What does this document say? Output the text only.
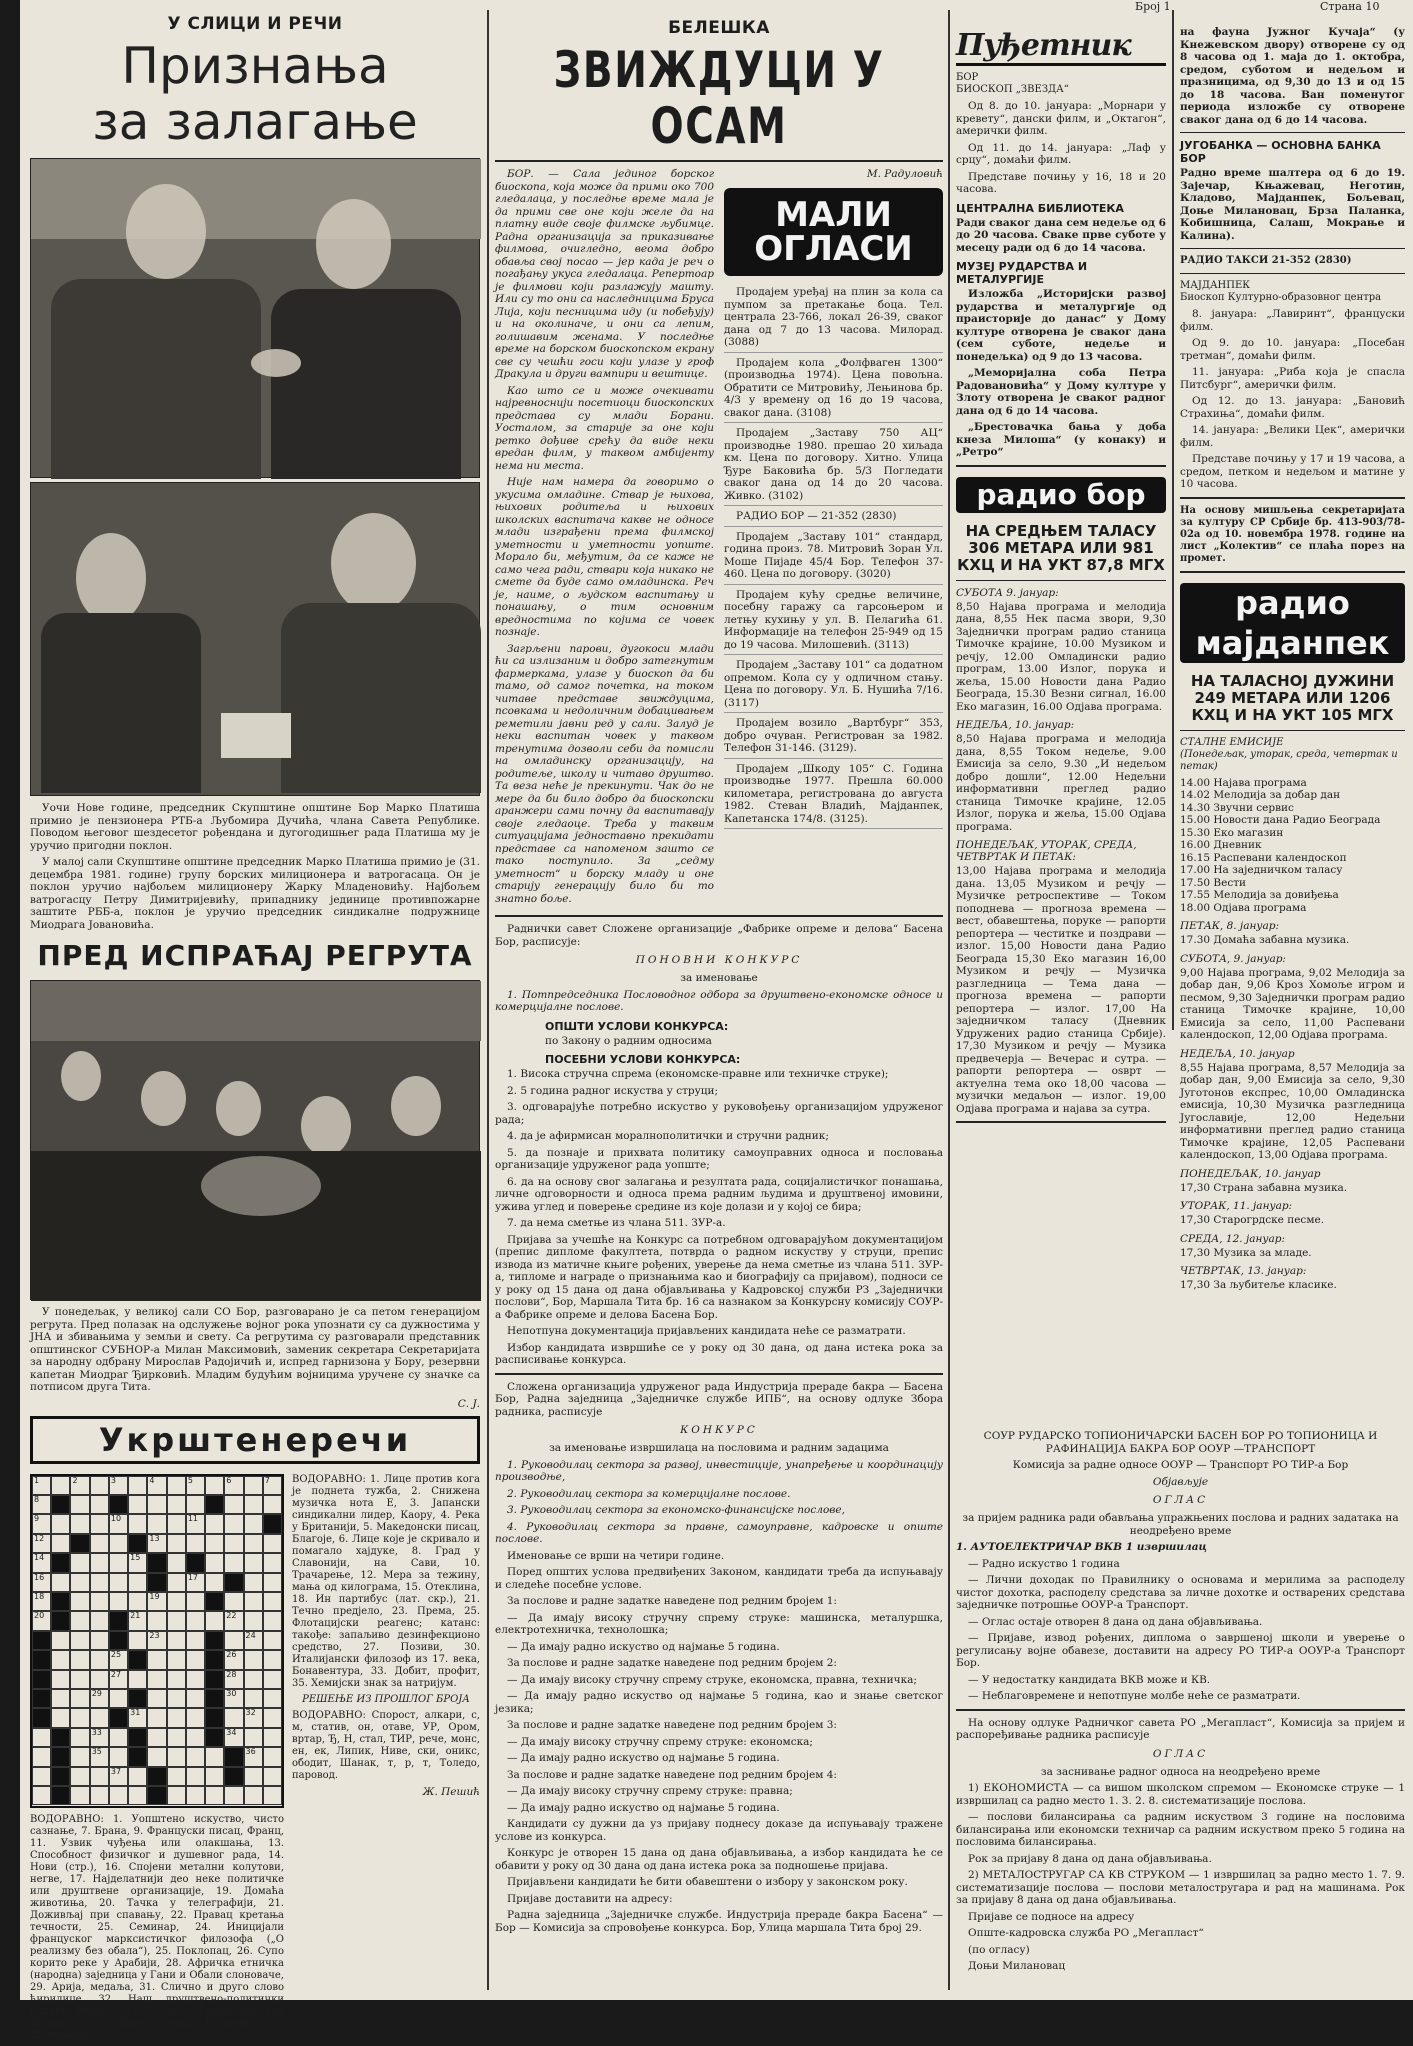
Број 1	Страна 10
У СЛИЦИ И РЕЧИ
Признања
за залагање

Уочи Нове године, председник Скупштине општине Бор Марко Платиша примио је пензионера РТБ-а Љубомира Дучића, члана Савета Републике. Поводом његовог шездесетог рођендана и дугогодишњег рада Платиша му је уручио пригодни поклон.

У малој сали Скупштине општине председник Марко Платиша примио је (31. децембра 1981. године) групу борских милиционера и ватрогасаца. Он је поклон уручио најбољем милиционеру Жарку Младеновићу. Најбољем ватрогасцу Петру Димитријевићу, припаднику јединице противпожарне заштите РББ-а, поклон је уручио председник синдикалне подружнице Миодрага Јовановића.

ПРЕД ИСПРАЋАЈ РЕГРУТА

У понедељак, у великој сали СО Бор, разговарано је са петом генерацијом регрута. Пред полазак на одслужење војног рока упознати су са дужностима у ЈНА и збивањима у земљи и свету. Са регрутима су разговарали представник општинског СУБНОР-а Милан Максимовић, заменик секретара Секретаријата за народну одбрану Мирослав Радојичић и, испред гарнизона у Бору, резервни капетан Миодраг Ђирковић. Младим будућим војницима уручене су значке са потписом друга Тита.

С. Ј.
Укрштенеречи
1	2	3	4	5	6	7
8
9	10	11
12	13
14	15
16	17
18	19
20	21	22
23	24
25	26
27	28
29	30
31	32
33	34
35	36
37

ВОДОРАВНО: 1. Уопштено искуство, чисто сазнање, 7. Брана, 9. Француски писац, Франц, 11. Узвик чуђења или олакшања, 13. Способност физичког и душевног рада, 14. Нови (стр.), 16. Спојени метални колутови, негве, 17. Најделатнији део неке политичке или друштвене организације, 19. Домаћа животиња, 20. Тачка у телеграфији, 21. Доживљај при спавању, 22. Правац кретања течности, 25. Семинар, 24. Иницијали француског марксистичког филозофа („О реализму без обала“), 25. Поклопац, 26. Супо корито реке у Арабији, 28. Афричка етничка (народна) заједница у Гани и Обали слоноваче, 29. Арија, медаља, 31. Слично и друго слово ћирилице, 32. Наш друштвено-политички радник, Никола, 34. Језеро у Француској, код Бордоа, 36. Име писца Поповића — Шапчанина.

ВОДОРАВНО: 1. Лице против кога је поднета тужба, 2. Снижена музичка нота Е, 3. Јапански синдикални лидер, Каору, 4. Река у Британији, 5. Македонски писац, Благоје, 6. Лице које је скривало и помагало хајдуке, 8. Град у Славонији, на Сави, 10. Трачарење, 12. Мера за тежину, мања од килограма, 15. Отеклина, 18. Ин партибус (лат. скр.), 21. Течно предјело, 23. Према, 25. Флотацијски реагенс; катанс: такође: запаљиво дезинфекционо средство, 27. Позиви, 30. Италијански филозоф из 17. века, Бонавентура, 33. Добит, профит, 35. Хемијски знак за натријум.

РЕШЕЊЕ ИЗ ПРОШЛОГ БРОЈА

ВОДОРАВНО: Спорост, алкари, с, м, статив, он, отаве, УР, Ором, вртар, Ђ, Н, стал, ТИР, рече, монс, ен, ек, Липик, Ниве, ски, оникс, ободит, Шанак, т, р, т, Толедо, паровод.

Ж. Пешић
БЕЛЕШКА
ЗВИЖДУЦИ У ОСАМ

БОР. — Сала јединог борског биоскопа, која може да прими око 700 гледалаца, у последње време мала је да прими све оне који желе да на платну виде своје филмске љубимце. Радна организација за приказивање филмова, очигледно, веома добро обавља свој посао — јер када је реч о погађању укуса гледалаца. Репертоар је филмови који разлажују машту. Или су то они са наследницима Бруса Лија, који песницима иду (и побеђују) и на околиначе, и они са лепим, голишавим женама. У последње време на борском биоскопском екрану све су чешћи госи који улазе у гроф Дракула и други вампири и вештице.

Као што се и може очекивати најревноснији посетиоци биоскопских представа су млади Борани. Уосталом, за старије за оне који ретко дођиве срећу да виде неки вредан филм, у таквом амбијенту нема ни места.

Није нам намера да говоримо о укусима омладине. Ствар је њихова, њихових родитеља и њихових школских васпитача какве не односе млади изграђени према филмској уметности и уметности уопште. Морало би, међутим, да се каже не само чега ради, ствари која никако не смете да буде само омладинска. Реч је, наиме, о људском васпитању и понашању, о тим основним вредностима по којима се човек познаје.

Загрљени парови, дугокоси млади ћи са излизаним и добро затегнутим фармеркама, улазе у биоскоп да би тамо, од самог почетка, на током читаве представе звиждуцима, псовкама и недоличним добацивањем реметили јавни ред у сали. Залуд је неки васпитан човек у таквом тренутима дозволи себи да помисли на омладинску организацију, на родитеље, школу и читаво друштво. Та веза неће је прекинути. Чак до не мере да би било добро да биоскопски аранжери сами почну да васпитавају своје гледаоце. Треба у таквим ситуацијама једноставно прекидати представе са напоменом зашто се тако поступило. За „седму уметност“ и борску младу и оне старију генерацију било би то знатно боље.

М. Радуловић
МАЛИ ОГЛАСИ

Продајем уређај на плин за кола са пумпом за претакање боца. Тел. централа 23-766, локал 26-39, сваког дана од 7 до 13 часова. Милорад. (3088)

Продајем кола „Фолфваген 1300“ (производња 1974). Цена повољна. Обратити се Митровићу, Лењинова бр. 4/3 у времену од 16 до 19 часова, сваког дана. (3108)

Продајем „Заставу 750 АЦ“ производње 1980. прешао 20 хиљада км. Цена по договору. Хитно. Улица Ђуре Баковића бр. 5/3 Погледати сваког дана од 14 до 20 часова. Живко. (3102)

РАДИО БОР — 21-352 (2830)

Продајем „Заставу 101“ стандард, година произ. 78. Митровић Зоран Ул. Моше Пијаде 45/4 Бор. Телефон 37-460. Цена по договору. (3020)

Продајем кућу средње величине, посебну гаражу са гарсоњером и летњу кухињу у ул. В. Пелагића 61. Информације на телефон 25-949 од 15 до 19 часова. Милошевић. (3113)

Продајем „Заставу 101“ са додатном опремом. Кола су у одличном стању. Цена по договору. Ул. Б. Нушића 7/16. (3117)

Продајем возило „Вартбург“ 353, добро очуван. Регистрован за 1982. Телефон 31-146. (3129).

Продајем „Шкоду 105“ С. Година производње 1977. Прешла 60.000 километара, регистрована до августа 1982. Стеван Владић, Мајданпек, Капетанска 174/8. (3125).

Раднички савет Сложене организације „Фабрике опреме и делова“ Басена Бор, расписује:

ПОНОВНИ КОНКУРС
за именовање

1. Потпредседника Пословодног одбора за друштвено-економске односе и комерцијалне послове.

ОПШТИ УСЛОВИ КОНКУРСА:
по Закону о радним односима
ПОСЕБНИ УСЛОВИ КОНКУРСА:

1. Висока стручна спрема (економске-правне или техничке струке);

2. 5 година радног искуства у струци;

3. одговарајуће потребно искуство у руковођењу организацијом удруженог рада;

4. да је афирмисан моралнополитички и стручни радник;

5. да познаје и прихвата политику самоуправних односа и пословања организације удруженог рада уопште;

6. да на основу свог залагања и резултата рада, социјалистичког понашања, личне одговорности и односа према радним људима и друштвеној имовини, ужива углед и поверење средине из које долази и у којој се бира;

7. да нема сметње из члана 511. ЗУР-а.

Пријава за учешће на Конкурс са потребном одговарајућом документацијом (препис дипломе факултета, потврда о радном искуству у струци, препис извода из матичне књиге рођених, уверење да нема сметње из члана 511. ЗУР-а, типломе и награде о признањима као и биографију са пријавом), подноси се у року од 15 дана од дана објављивања у Кадровској служби РЗ „Заједнички послови“, Бор, Маршала Тита бр. 16 са назнаком за Конкурсну комисију СОУР-а Фабрике опреме и делова Басена Бор.

Непотпуна документација пријављених кандидата неће се разматрати.

Избор кандидата извршиће се у року од 30 дана, од дана истека рока за расписивање конкурса.

Сложена организација удруженог рада Индустрија прераде бакра — Басена Бор, Радна заједница „Заједничке службе ИПБ“, на основу одлуке Збора радника, расписује

КОНКУРС
за именовање извршилаца на пословима и радним задацима

1. Руководилац сектора за развој, инвестиције, унапређење и координацију производње,

2. Руководилац сектора за комерцијалне послове.

3. Руководилац сектора за економско-финансијске послове,

4. Руководилац сектора за правне, самоуправне, кадровске и опште послове.

Именовање се врши на четири године.

Поред општих услова предвиђених Законом, кандидати треба да испуњавају и следеће посебне услове.

За послове и радне задатке наведене под редним бројем 1:

— Да имају високу стручну спрему струке: машинска, металуршка, електротехничка, технолошка;

— Да имају радно искуство од најмање 5 година.

За послове и радне задатке наведене под редним бројем 2:

— Да имају високу стручну спрему струке, економска, правна, техничка;

— Да имају радно искуство од најмање 5 година, као и знање светског језика;

За послове и радне задатке наведене под редним бројем 3:

— Да имају високу стручну спрему струке: економска;

— Да имају радно искуство од најмање 5 година.

За послове и радне задатке наведене под редним бројем 4:

— Да имају високу стручну спрему струке: правна;

— Да имају радно искуство од најмање 5 година.

Кандидати су дужни да уз пријаву поднесу доказе да испуњавају тражене услове из конкурса.

Конкурс је отворен 15 дана од дана објављивања, а избор кандидата ће се обавити у року од 30 дана од дана истека рока за подношење пријава.

Пријављени кандидати ће бити обавештени о избору у законском року.

Пријаве доставити на адресу:

Радна заједница „Заједничке службе. Индустрија прераде бакра Басена“ — Бор — Комисија за спровођење конкурса. Бор, Улица маршала Тита број 29.

Пуђетник
БОР
БИОСКОП „ЗВЕЗДА“

Од 8. до 10. јануара: „Морнари у кревету“, дански филм, и „Октагон“, амерички филм.

Од 11. до 14. јануара: „Лаф у срцу“, домаћи филм.

Представе почињу у 16, 18 и 20 часова.

ЦЕНТРАЛНА БИБЛИОТЕКА

Ради сваког дана сем недеље од 6 до 20 часова. Сваке прве суботе у месецу ради од 6 до 14 часова.

МУЗЕЈ РУДАРСТВА И МЕТАЛУРГИЈЕ

Изложба „Историјски развој рударства и металургије од праисторије до данас“ у Дому културе отворена је сваког дана (сем суботе, недеље и понедељка) од 9 до 13 часова.

„Меморијална соба Петра Радовановића“ у Дому културе у Злоту отворена је сваког радног дана од 6 до 14 часова.

„Брестовачка бања у доба кнеза Милоша“ (у конаку) и „Ретро“

радио бор
НА СРЕДЊЕМ ТАЛАСУ 306 МЕТАРА ИЛИ 981 КХЦ И НА УКТ 87,8 МГХ
СУБОТА 9. јануар:

8,50 Најава програма и мелодија дана, 8,55 Нек пасма звори, 9,30 Заједнички програм радио станица Тимочке крајине, 10.00 Музиком и речју, 12.00 Омладински радио програм, 13.00 Излог, порука и жеља, 15.00 Новости дана Радио Београда, 15.30 Везни сигнал, 16.00 Еко магазин, 16.00 Одјава програма.

НЕДЕЉА, 10. јануар:

8,50 Најава програма и мелодија дана, 8,55 Током недеље, 9.00 Емисија за село, 9.30 „И недељом добро дошли“, 12.00 Недељни информативни преглед радио станица Тимочке крајине, 12.05 Излог, порука и жеља, 15.00 Одјава програма.

ПОНЕДЕЉАК, УТОРАК, СРЕДА, ЧЕТВРТАК И ПЕТАК:

13,00 Најава програма и мелодија дана. 13,05 Музиком и речју — Музичке ретроспективе — Током поподнева — прогноза времена — вест, обавештења, поруке — рапорти репортера — честитке и поздрави — излог. 15,00 Новости дана Радио Београда 15,30 Еко магазин 16,00 Музиком и речју — Музичка разгледница — Тема дана — прогноза времена — рапорти репортера — излог. 17,00 На заједничком таласу (Дневник Удружених радио станица Србије). 17,30 Музиком и речју — Музика предвечерја — Вечерас и сутра. — рапорти репортера — оsврт — актуелна тема око 18,00 часова — музички медаљон — излог. 19,00 Одјава програма и најава за сутра.

на фауна Јужног Кучаја“ (у Кнежевском двору) отворене су од 8 часова од 1. маја до 1. октобра, средом, суботом и недељом и празницима, од 9,30 до 13 и од 15 до 18 часова. Ван поменутог периода изложбе су отворене сваког дана од 6 до 14 часова.

ЈУГОБАНКА — ОСНОВНА БАНКА БОР

Радно време шалтера од 6 до 19. Зајечар, Књажевац, Неготин, Кладово, Мајданпек, Бољевац, Доње Милановац, Брза Паланка, Кобишница, Салаш, Мокрање и Калина).

РАДИО ТАКСИ 21-352 (2830)
МАЈДАНПЕК
Биоскоп Културно-образовног центра

8. јануара: „Лавиринт“, француски филм.

Од 9. до 10. јануара: „Посебан третман“, домаћи филм.

11. јануара: „Риба која је спасла Питсбург“, амерички филм.

Од 12. до 13. јануара: „Бановић Страхиња“, домаћи филм.

14. јануара: „Велики Цек“, амерички филм.

Представе почињу у 17 и 19 часова, а средом, петком и недељом и матине у 10 часова.

На основу мишљења секретаријата за културу СР Србије бр. 413-903/78-02а од 10. новембра 1978. године на лист „Колектив“ се плаћа порез на промет.

радио мајданпек
НА ТАЛАСНОЈ ДУЖИНИ 249 МЕТАРА ИЛИ 1206 КХЦ И НА УКТ 105 МГХ
СТАЛНЕ ЕМИСИЈЕ
(Понедељак, уторак, среда, четвртак и петак)

14.00 Најава програма

14.02 Мелодија за добар дан

14.30 Звучни сервис

15.00 Новости дана Радио Београда

15.30 Еко магазин

16.00 Дневник

16.15 Распевани календоскоп

17.00 На заједничком таласу

17.50 Вести

17.55 Мелодија за довиђења

18.00 Одјава програма

ПЕТАК, 8. јануар:

17.30 Домаћа забавна музика.

СУБОТА, 9. јануар:

9,00 Најава програма, 9,02 Мелодија за добар дан, 9,06 Кроз Хомоље игром и песмом, 9,30 Заједнички програм радио станица Тимочке крајине, 10,00 Емисија за село, 11,00 Распевани календоскоп, 12,00 Одјава програма.

НЕДЕЉА, 10. јануар

8,55 Најава програма, 8,57 Мелодија за добар дан, 9,00 Емисија за село, 9,30 Југотонов експрес, 10,00 Омладинска емисија, 10,30 Музичка разгледница Југославије, 12,00 Недељни информативни преглед радио станица Тимочке крајине, 12,05 Распевани календоскоп, 13,00 Одјава програма.

ПОНЕДЕЉАК, 10. јануар

17,30 Страна забавна музика.

УТОРАК, 11. јануар:

17,30 Старогрдске песме.

СРЕДА, 12. јануар:

17,30 Музика за младе.

ЧЕТВРТАК, 13. јануар:

17,30 За љубитеље класике.

СОУР РУДАРСКО ТОПИОНИЧАРСКИ БАСЕН БОР РО ТОПИОНИЦА И РАФИНАЦИЈА БАКРА БОР ООУР —ТРАНСПОРТ
Комисија за радне односе ООУР — Транспорт РО ТИР-а Бор
Објављује
ОГЛАС
за пријем радника ради обављања упражњених послова и радних задатака на неодређено време
1. АУТОЕЛЕКТРИЧАР ВКВ 1 извршилац

— Радно искуство 1 година

— Лични доходак по Правилнику о основама и мерилима за расподелу чистог дохотка, расподелу средстава за личне дохотке и остварених средстава заједничке потрошње ООУР-а Транспорт.

— Оглас остаје отворен 8 дана од дана објављивања.

— Пријаве, извод рођених, диплома о завршеној школи и уверење о регулисању војне обавезе, доставити на адресу РО ТИР-а ООУР-а Транспорт Бор.

— У недостатку кандидата ВКВ може и КВ.

— Неблаговремене и непотпуне молбе неће се разматрати.

На основу одлуке Радничког савета РО „Мегапласт“, Комисија за пријем и распоређивање радника расписује

ОГЛАС
за заснивање радног односа на неодређено време

1) ЕКОНОМИСТА — са вишом школском спремом — Економске струке — 1 извршилац са радно место 1. 3. 2. 8. систематизације послова.

— послови билансирања са радним искуством 3 године на пословима билансирања или економски техничар са радним искуством преко 5 година на пословима билансирања.

Рок за пријаву 8 дана од дана објављивања.

2) МЕТАЛОСТРУГАР СА КВ СТРУКОМ — 1 извршилац за радно место 1. 7. 9. систематизације послова — послови металостругара и рад на машинама. Рок за пријаву 8 дана од дана објављивања.

Пријаве се подносе на адресу

Опште-кадровска служба РО „Мегапласт“

(по огласу)

Доњи Милановац
